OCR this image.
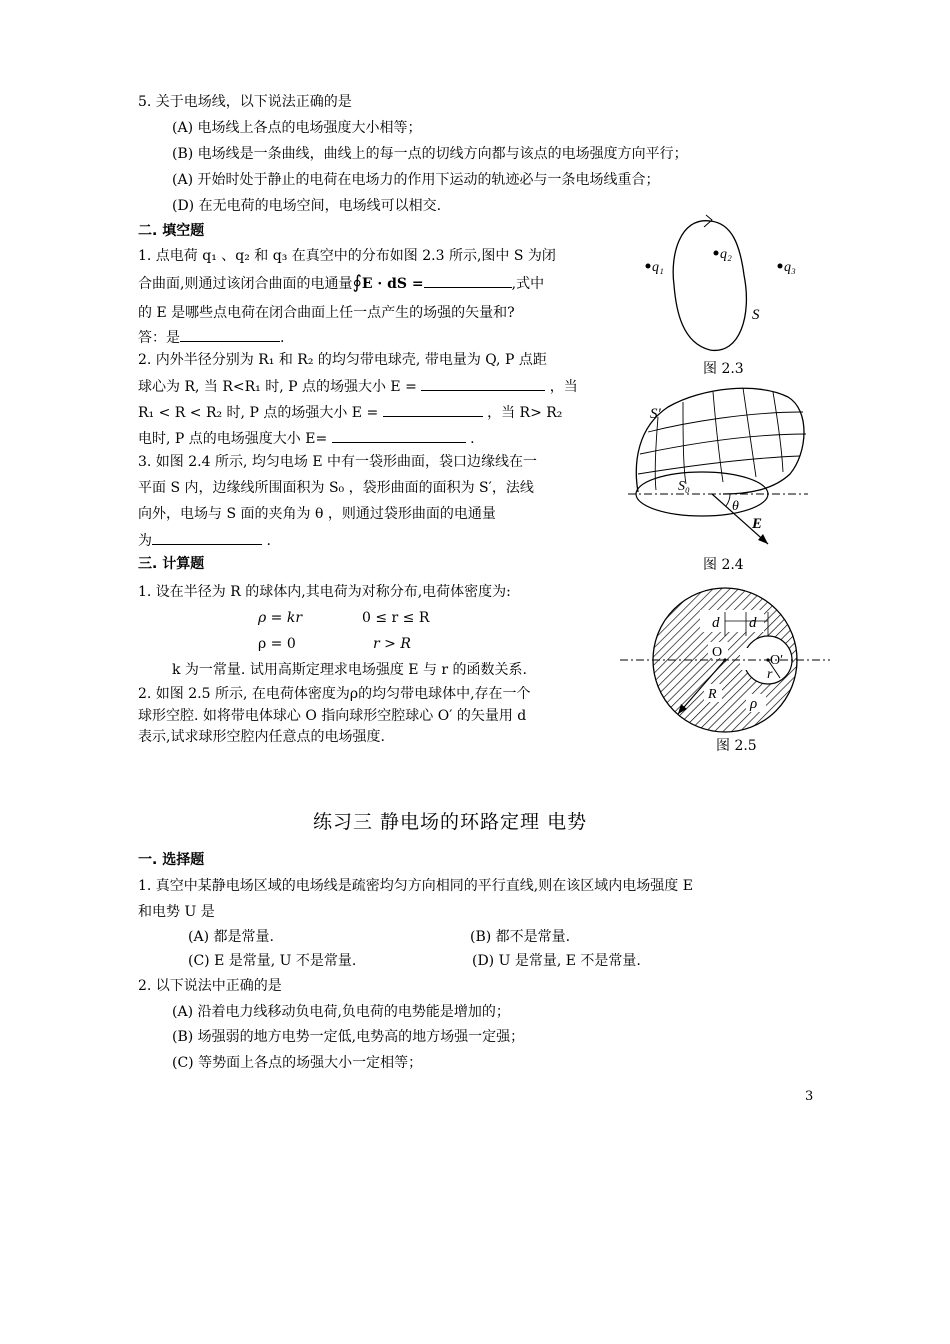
5. 关于电场线，以下说法正确的是
(A) 电场线上各点的电场强度大小相等；
(B) 电场线是一条曲线，曲线上的每一点的切线方向都与该点的电场强度方向平行；
(A) 开始时处于静止的电荷在电场力的作用下运动的轨迹必与一条电场线重合；
(D) 在无电荷的电场空间，电场线可以相交.
二. 填空题
1. 点电荷 q₁ 、q₂ 和 q₃ 在真空中的分布如图 2.3 所示,图中 S 为闭
合曲面,则通过该闭合曲面的电通量∮E · dS =	,式中
的 E 是哪些点电荷在闭合曲面上任一点产生的场强的矢量和?
答：是	.
2. 内外半径分别为 R₁ 和 R₂ 的均匀带电球壳, 带电量为 Q, P 点距
球心为 R, 当 R<R₁ 时, P 点的场强大小 E =	，当
R₁ < R < R₂ 时, P 点的场强大小 E =	，当 R> R₂
电时, P 点的电场强度大小 E=	.
3. 如图 2.4 所示, 均匀电场 E 中有一袋形曲面，袋口边缘线在一
平面 S 内，边缘线所围面积为 S₀ ，袋形曲面的面积为 S′，法线
向外，电场与 S 面的夹角为 θ ，则通过袋形曲面的电通量
为	.
三. 计算题
1. 设在半径为 R 的球体内,其电荷为对称分布,电荷体密度为:
ρ = kr	0 ≤ r ≤ R
ρ = 0	r > R
k 为一常量. 试用高斯定理求电场强度 E 与 r 的函数关系.
2. 如图 2.5 所示, 在电荷体密度为ρ的均匀带电球体中,存在一个
球形空腔. 如将带电体球心 O 指向球形空腔球心 O′ 的矢量用 d
表示,试求球形空腔内任意点的电场强度.
q₁
q₂
q₃
S
图 2.3
S′
S₀
θ
E
图 2.4
d d
O
O′
r
R
ρ
图 2.5
练习三 静电场的环路定理 电势
一. 选择题
1. 真空中某静电场区域的电场线是疏密均匀方向相同的平行直线,则在该区域内电场强度 E
和电势 U 是
(A) 都是常量.	(B) 都不是常量.
(C) E 是常量, U 不是常量.	(D) U 是常量, E 不是常量.
2. 以下说法中正确的是
(A) 沿着电力线移动负电荷,负电荷的电势能是增加的；
(B) 场强弱的地方电势一定低,电势高的地方场强一定强；
(C) 等势面上各点的场强大小一定相等；
3
